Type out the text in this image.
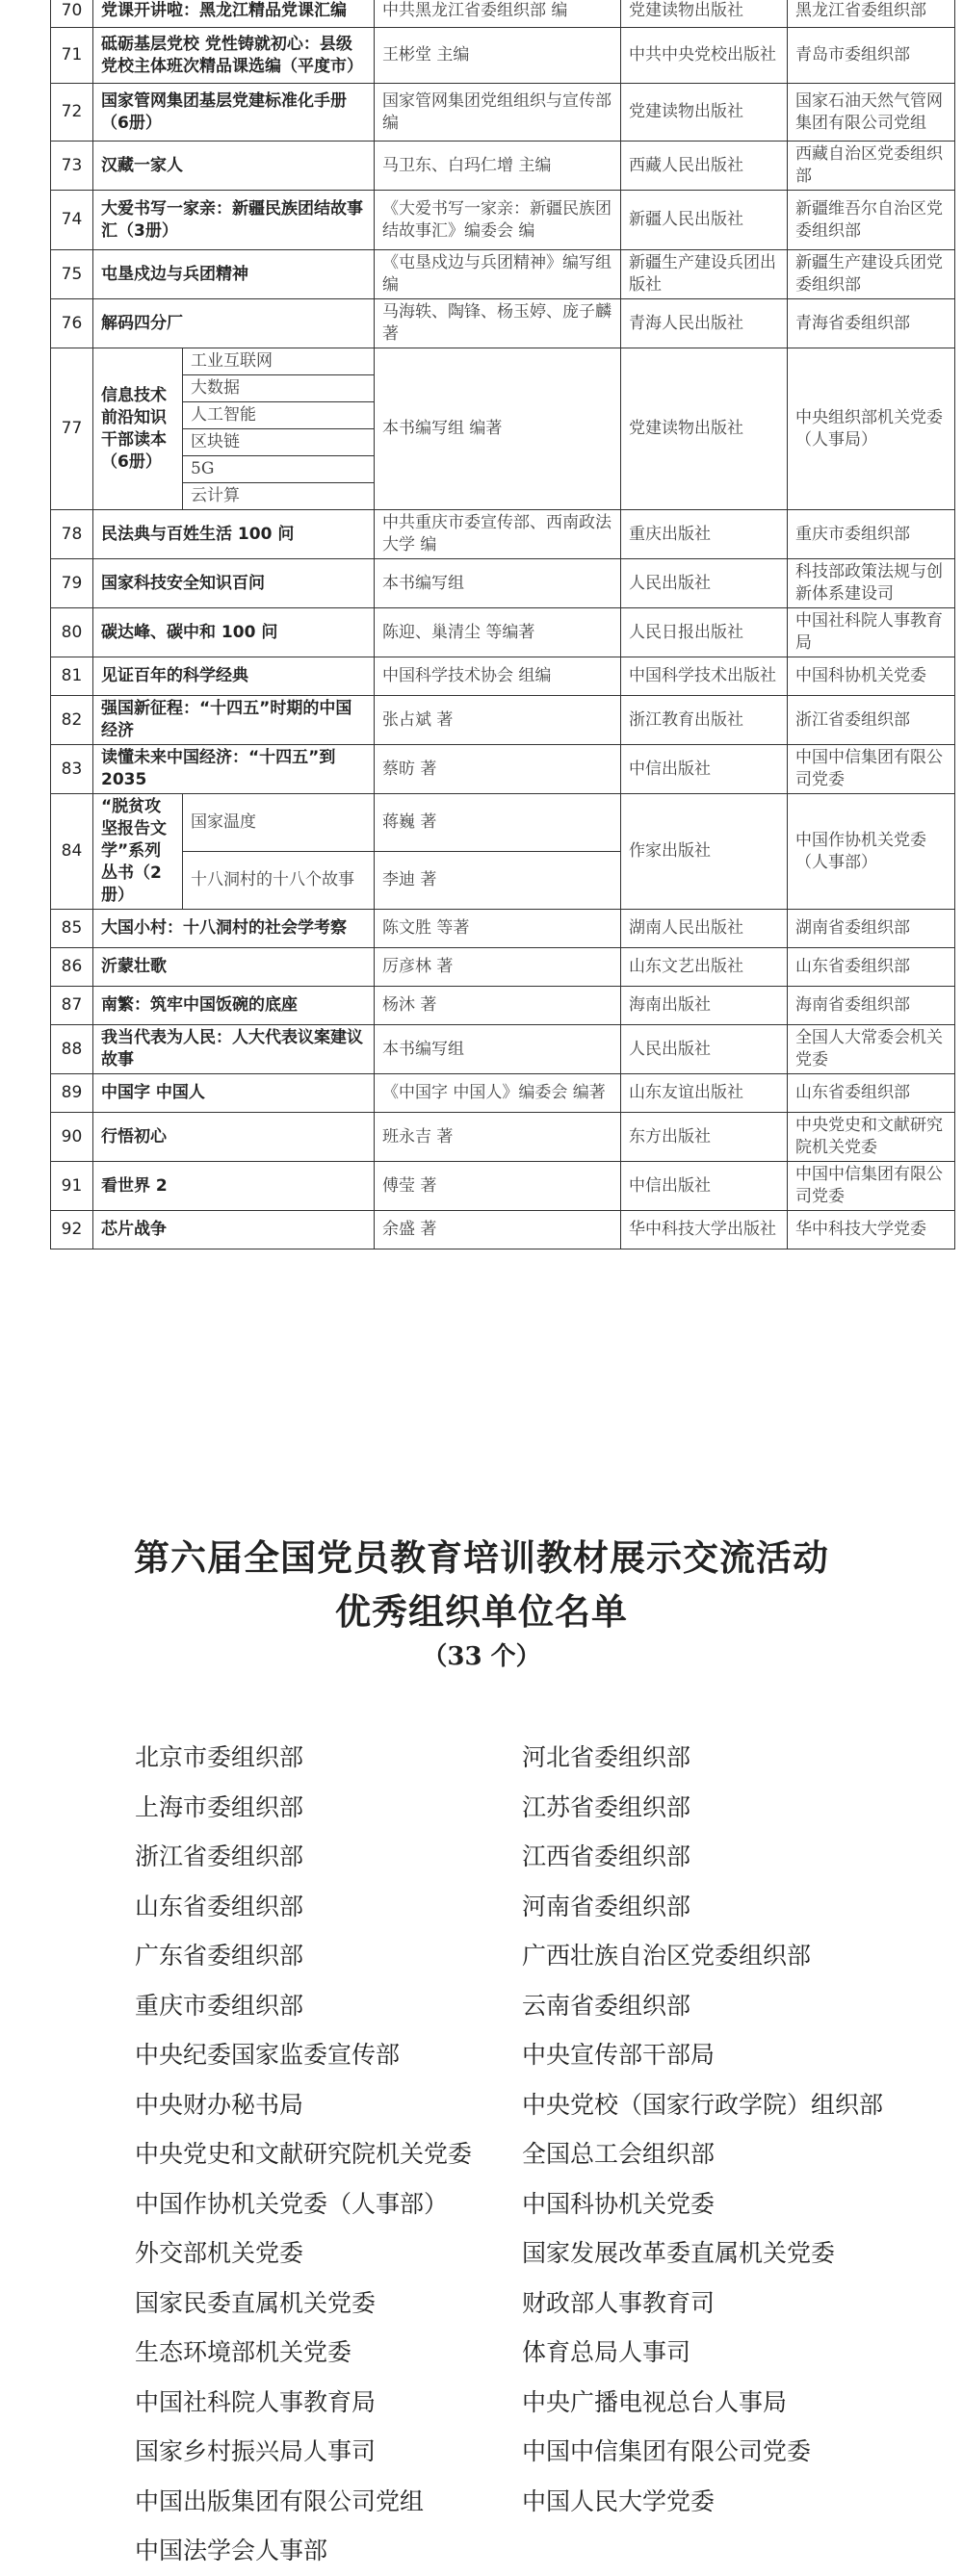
70	党课开讲啦：黑龙江精品党课汇编		中共黑龙江省委组织部 编	党建读物出版社	黑龙江省委组织部
71	砥砺基层党校 党性铸就初心：县级党校主体班次精品课选编（平度市）		王彬堂 主编	中共中央党校出版社	青岛市委组织部
72	国家管网集团基层党建标准化手册（6册）		国家管网集团党组组织与宣传部 编	党建读物出版社	国家石油天然气管网集团有限公司党组
73	汉藏一家人		马卫东、白玛仁增 主编	西藏人民出版社	西藏自治区党委组织部
74	大爱书写一家亲：新疆民族团结故事汇（3册）		《大爱书写一家亲：新疆民族团结故事汇》编委会 编	新疆人民出版社	新疆维吾尔自治区党委组织部
75	屯垦戍边与兵团精神		《屯垦戍边与兵团精神》编写组 编	新疆生产建设兵团出版社	新疆生产建设兵团党委组织部
76	解码四分厂		马海轶、陶锋、杨玉婷、庞子麟 著	青海人民出版社	青海省委组织部
77	信息技术前沿知识干部读本（6册）	工业互联网	本书编写组 编著	党建读物出版社	中央组织部机关党委（人事局）
		大数据			
		人工智能			
		区块链			
		5G			
		云计算			
78	民法典与百姓生活 100 问		中共重庆市委宣传部、西南政法大学 编	重庆出版社	重庆市委组织部
79	国家科技安全知识百问		本书编写组	人民出版社	科技部政策法规与创新体系建设司
80	碳达峰、碳中和 100 问		陈迎、巢清尘 等编著	人民日报出版社	中国社科院人事教育局
81	见证百年的科学经典		中国科学技术协会 组编	中国科学技术出版社	中国科协机关党委
82	强国新征程：“十四五”时期的中国经济		张占斌 著	浙江教育出版社	浙江省委组织部
83	读懂未来中国经济：“十四五”到 2035		蔡昉 著	中信出版社	中国中信集团有限公司党委
84	“脱贫攻坚报告文学”系列丛书（2册）	国家温度	蒋巍 著	作家出版社	中国作协机关党委（人事部）
		十八洞村的十八个故事	李迪 著		
85	大国小村：十八洞村的社会学考察		陈文胜 等著	湖南人民出版社	湖南省委组织部
86	沂蒙壮歌		厉彦林 著	山东文艺出版社	山东省委组织部
87	南繁：筑牢中国饭碗的底座		杨沐 著	海南出版社	海南省委组织部
88	我当代表为人民：人大代表议案建议故事		本书编写组	人民出版社	全国人大常委会机关党委
89	中国字 中国人		《中国字 中国人》编委会 编著	山东友谊出版社	山东省委组织部
90	行悟初心		班永吉 著	东方出版社	中央党史和文献研究院机关党委
91	看世界 2		傅莹 著	中信出版社	中国中信集团有限公司党委
92	芯片战争		余盛 著	华中科技大学出版社	华中科技大学党委
第六届全国党员教育培训教材展示交流活动
优秀组织单位名单
（33 个）
北京市委组织部	河北省委组织部
上海市委组织部	江苏省委组织部
浙江省委组织部	江西省委组织部
山东省委组织部	河南省委组织部
广东省委组织部	广西壮族自治区党委组织部
重庆市委组织部	云南省委组织部
中央纪委国家监委宣传部	中央宣传部干部局
中央财办秘书局	中央党校（国家行政学院）组织部
中央党史和文献研究院机关党委	全国总工会组织部
中国作协机关党委（人事部）	中国科协机关党委
外交部机关党委	国家发展改革委直属机关党委
国家民委直属机关党委	财政部人事教育司
生态环境部机关党委	体育总局人事司
中国社科院人事教育局	中央广播电视总台人事局
国家乡村振兴局人事司	中国中信集团有限公司党委
中国出版集团有限公司党组	中国人民大学党委
中国法学会人事部
